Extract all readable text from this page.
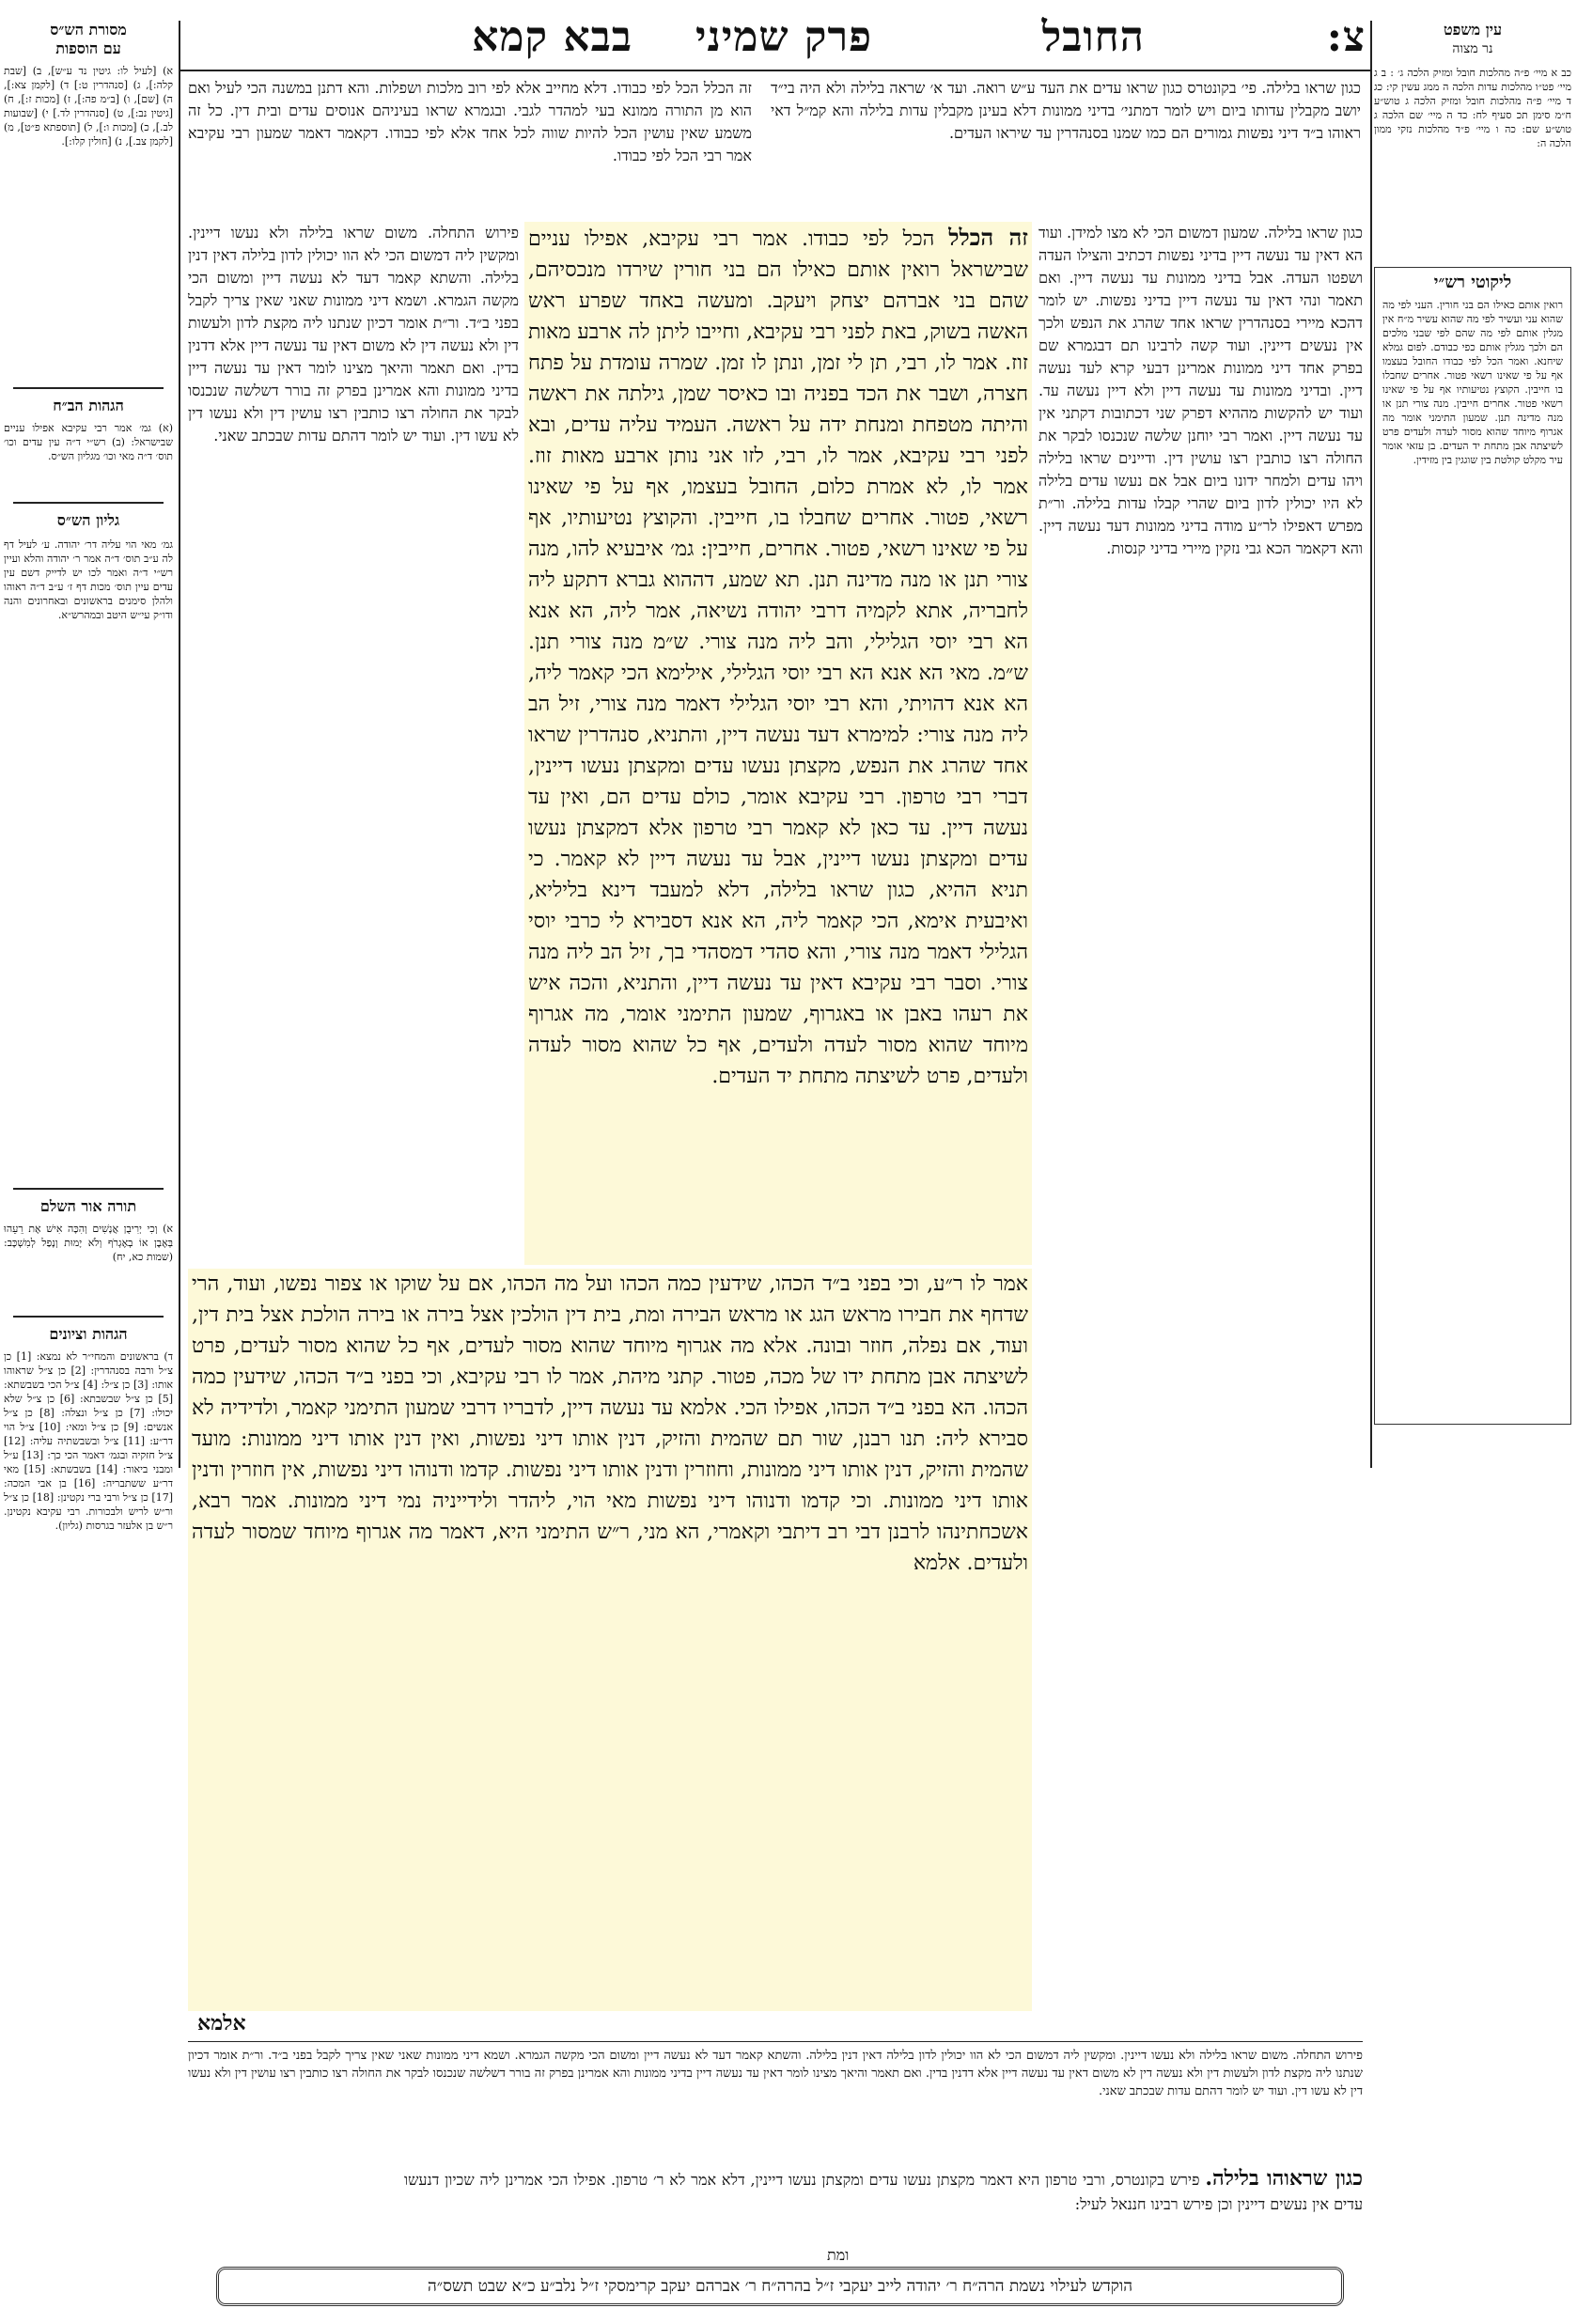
צ:
החובל
פרק שמיני
בבא קמא	עין משפט
נר מצוה
כב א מיי׳ פ״ה מהלכות חובל ומזיק הלכה ג׳ : ב ג מיי׳ פט״ו מהלכות עדות הלכה ה ממג עשין קי: כג ד מיי׳ פ״ה מהלכות חובל ומזיק הלכה ג טוש״ע ח״מ סימן תכ סעיף לח: כד ה מיי׳ שם הלכה ג טוש״ע שם: כה ו מיי׳ פ״ד מהלכות נזקי ממון הלכה ה:
ליקוטי רש״י
רואין אותם כאילו הם בני חורין. העני לפי מה שהוא עני ועשיר לפי מה שהוא עשיר מ״ח אין מגלין אותם לפי מה שהם לפי שבני מלכים הם ולכך מגלין אותם כפי כבודם. לפום גמלא שיחנא. ואמר הכל לפי כבודו החובל בעצמו אף על פי שאינו רשאי פטור. אחרים שחבלו בו חייבין. הקוצץ נטיעותיו אף על פי שאינו רשאי פטור. אחרים חייבין. מנה צורי תנן או מנה מדינה תנן. שמעון התימני אומר מה אגרוף מיוחד שהוא מסור לעדה ולעדים פרט לשיצתה אבן מתחת יד העדים. בן עזאי אומר עיר מקלט קולטת בין שוגגין בין מזידין.
מסורת הש״ס
עם הוספות
א) [לעיל לו: גיטין נד ע״ש], ב) [שבת קלה:], ג) [סנהדרין ט:] ד) [לקמן צא:], ה) [שם], ו) [ב״מ פה:], ז) [מכות ז:], ח) [גיטין נב:], ט) [סנהדרין לד.] י) [שבועות לב.], כ) [מכות ו:], ל) [תוספתא פ״ט], מ) [לקמן צב.], נ) [חולין קלו:].
הגהות הב״ח
(א) גמ׳ אמר רבי עקיבא אפילו עניים שבישראל: (ב) רש״י ד״ה עין עדים וכו׳ תוס׳ ד״ה מאי וכו׳ מגליון הש״ס.
גליון הש״ס
גמ׳ מאי הוי עליה דר׳ יהודה. ע׳ לעיל דף לה ע״ב תוס׳ ד״ה אמר ר׳ יהודה והלא ועיין רש״י ד״ה ואמר לכו יש לדייק דשם עין עדים עיין תוס׳ מכות דף ז׳ ע״ב ד״ה ראוהו ולהלן סימנים בראשונים ובאחרונים והנה ודו״ק עי״ש היטב ובמהרש״א.
תורה אור השלם
א) וְכִי יְרִיבֻן אֲנָשִׁים וְהִכָּה אִישׁ אֶת רֵעֵהוּ בְּאֶבֶן אוֹ בְאֶגְרֹף וְלֹא יָמוּת וְנָפַל לְמִשְׁכָּב: (שמות כא, יח)
הגהות וציונים
ד) בראשונים והמחי״ר לא נמצא: [1] כן צ״ל ורבה בסנהדרין: [2] כן צ״ל שראוהו אותו: [3] כן צ״ל: [4] צ״ל הכי בשבשתא: [5] כן צ״ל שבשבתא: [6] כן צ״ל שלא יכולו: [7] כן צ״ל ונצלה: [8] כן צ״ל אנשים: [9] כן צ״ל ומאי: [10] צ״ל הוי דר״ע: [11] צ״ל ובשבשתיה עליה: [12] צ״ל חזקיה ובגמ׳ דאמר הכי כך: [13] ע״ל ומבני ביאור: [14] בשבשתא: [15] מאי דר״ע ששתבריה: [16] בן אבי המכה: [17] כן צ״ל ורבי ברי נקטינן: [18] כן צ״ל ור״ש לריש ולבכורות. רבי עקיבא נקטינן. ר״ש בן אלעזר בגרסות (גליון).
כגון שראו בלילה. פי׳ בקונטרס כגון שראו עדים את העד ע״ש רואה. ועד א׳ שראה בלילה ולא היה בי״ד יושב מקבלין עדותו ביום ויש לומר דמתני׳ בדיני ממונות דלא בעינן מקבלין עדות בלילה והא קמ״ל דאי ראוהו ב״ד דיני נפשות גמורים הם כמו שמנו בסנהדרין עד שיראו העדים.
זה הכלל הכל לפי כבודו. דלא מחייב אלא לפי רוב מלכות ושפלות. והא דתנן במשנה הכי לעיל ואם הוא מן התורה ממונא בעי למהדר לגבי. ובגמרא שראו בעיניהם אנוסים עדים ובית דין. כל זה משמע שאין עושין הכל להיות שווה לכל אחד אלא לפי כבודו. דקאמר דאמר שמעון רבי עקיבא אמר רבי הכל לפי כבודו.
כגון שראו בלילה. שמעון דמשום הכי לא מצו למידן. ועוד הא דאין עד נעשה דיין בדיני נפשות דכתיב והצילו העדה ושפטו העדה. אבל בדיני ממונות עד נעשה דיין. ואם תאמר ונהי דאין עד נעשה דיין בדיני נפשות. יש לומר דהכא מיירי בסנהדרין שראו אחד שהרג את הנפש ולכך אין נעשים דיינין. ועוד קשה לרבינו תם דבגמרא שם בפרק אחד דיני ממונות אמרינן דבעי קרא לעד נעשה דיין. ובדיני ממונות עד נעשה דיין ולא דיין נעשה עד. ועוד יש להקשות מההיא דפרק שני דכתובות דקתני אין עד נעשה דיין. ואמר רבי יוחנן שלשה שנכנסו לבקר את החולה רצו כותבין רצו עושין דין. ודיינים שראו בלילה ויהו עדים ולמחר ידונו ביום אבל אם נעשו עדים בלילה לא היו יכולין לדון ביום שהרי קבלו עדות בלילה. ור״ת מפרש דאפילו לר״ע מודה בדיני ממונות דעד נעשה דיין. והא דקאמר הכא גבי נזקין מיירי בדיני קנסות.
פירוש התחלה. משום שראו בלילה ולא נעשו דיינין. ומקשין ליה דמשום הכי לא הוו יכולין לדון בלילה דאין דנין בלילה. והשתא קאמר דעד לא נעשה דיין ומשום הכי מקשה הגמרא. ושמא דיני ממונות שאני שאין צריך לקבל בפני ב״ד. ור״ת אומר דכיון שנתנו ליה מקצת לדון ולעשות דין ולא נעשה דין לא משום דאין עד נעשה דיין אלא דדנין בדין. ואם תאמר והיאך מצינו לומר דאין עד נעשה דיין בדיני ממונות והא אמרינן בפרק זה בורר דשלשה שנכנסו לבקר את החולה רצו כותבין רצו עושין דין ולא נעשו דין לא עשו דין. ועוד יש לומר דהתם עדות שבכתב שאני.
זה הכלל הכל לפי כבודו. אמר רבי עקיבא, אפילו עניים שבישראל רואין אותם כאילו הם בני חורין שירדו מנכסיהם, שהם בני אברהם יצחק ויעקב. ומעשה באחד שפרע ראש האשה בשוק, באת לפני רבי עקיבא, וחייבו ליתן לה ארבע מאות זוז. אמר לו, רבי, תן לי זמן, ונתן לו זמן. שמרה עומדת על פתח חצרה, ושבר את הכד בפניה ובו כאיסר שמן, גילתה את ראשה והיתה מטפחת ומנחת ידה על ראשה. העמיד עליה עדים, ובא לפני רבי עקיבא, אמר לו, רבי, לזו אני נותן ארבע מאות זוז. אמר לו, לא אמרת כלום, החובל בעצמו, אף על פי שאינו רשאי, פטור. אחרים שחבלו בו, חייבין. והקוצץ נטיעותיו, אף על פי שאינו רשאי, פטור. אחרים, חייבין: גמ׳ איבעיא להו, מנה צורי תנן או מנה מדינה תנן. תא שמע, דההוא גברא דתקע ליה לחבריה, אתא לקמיה דרבי יהודה נשיאה, אמר ליה, הא אנא הא רבי יוסי הגלילי, והב ליה מנה צורי. ש״מ מנה צורי תנן. ש״מ. מאי הא אנא הא רבי יוסי הגלילי, אילימא הכי קאמר ליה, הא אנא דהויתי, והא רבי יוסי הגלילי דאמר מנה צורי, זיל הב ליה מנה צורי: למימרא דעד נעשה דיין, והתניא, סנהדרין שראו אחד שהרג את הנפש, מקצתן נעשו עדים ומקצתן נעשו דיינין, דברי רבי טרפון. רבי עקיבא אומר, כולם עדים הם, ואין עד נעשה דיין. עד כאן לא קאמר רבי טרפון אלא דמקצתן נעשו עדים ומקצתן נעשו דיינין, אבל עד נעשה דיין לא קאמר. כי תניא ההיא, כגון שראו בלילה, דלא למעבד דינא בליליא, ואיבעית אימא, הכי קאמר ליה, הא אנא דסבירא לי כרבי יוסי הגלילי דאמר מנה צורי, והא סהדי דמסהדי בך, זיל הב ליה מנה צורי. וסבר רבי עקיבא דאין עד נעשה דיין, והתניא, והכה איש את רעהו באבן או באגרוף, שמעון התימני אומר, מה אגרוף מיוחד שהוא מסור לעדה ולעדים, אף כל שהוא מסור לעדה ולעדים, פרט לשיצתה מתחת יד העדים.
אמר לו ר״ע, וכי בפני ב״ד הכהו, שידעין כמה הכהו ועל מה הכהו, אם על שוקו או צפור נפשו, ועוד, הרי שדחף את חבירו מראש הגג או מראש הבירה ומת, בית דין הולכין אצל בירה או בירה הולכת אצל בית דין, ועוד, אם נפלה, חוזר ובונה. אלא מה אגרוף מיוחד שהוא מסור לעדים, אף כל שהוא מסור לעדים, פרט לשיצתה אבן מתחת ידו של מכה, פטור. קתני מיהת, אמר לו רבי עקיבא, וכי בפני ב״ד הכהו, שידעין כמה הכהו. הא בפני ב״ד הכהו, אפילו הכי. אלמא עד נעשה דיין, לדבריו דרבי שמעון התימני קאמר, ולדידיה לא סבירא ליה: תנו רבנן, שור תם שהמית והזיק, דנין אותו דיני נפשות, ואין דנין אותו דיני ממונות: מועד שהמית והזיק, דנין אותו דיני ממונות, וחוזרין ודנין אותו דיני נפשות. קדמו ודנוהו דיני נפשות, אין חוזרין ודנין אותו דיני ממונות. וכי קדמו ודנוהו דיני נפשות מאי הוי, ליהדר ולידייניה נמי דיני ממונות. אמר רבא, אשכחתינהו לרבנן דבי רב דיתבי וקאמרי, הא מני, ר״ש התימני היא, דאמר מה אגרוף מיוחד שמסור לעדה ולעדים. אלמא
אלמא
פירוש התחלה. משום שראו בלילה ולא נעשו דיינין. ומקשין ליה דמשום הכי לא הוו יכולין לדון בלילה דאין דנין בלילה. והשתא קאמר דעד לא נעשה דיין ומשום הכי מקשה הגמרא. ושמא דיני ממונות שאני שאין צריך לקבל בפני ב״ד. ור״ת אומר דכיון שנתנו ליה מקצת לדון ולעשות דין ולא נעשה דין לא משום דאין עד נעשה דיין אלא דדנין בדין. ואם תאמר והיאך מצינו לומר דאין עד נעשה דיין בדיני ממונות והא אמרינן בפרק זה בורר דשלשה שנכנסו לבקר את החולה רצו כותבין רצו עושין דין ולא נעשו דין לא עשו דין. ועוד יש לומר דהתם עדות שבכתב שאני.
כגון שראוהו בלילה. פירש בקונטרס, ורבי טרפון היא דאמר מקצתן נעשו עדים ומקצתן נעשו דיינין, דלא אמר לא ר׳ טרפון. אפילו הכי אמרינן ליה שכיון דנעשו עדים אין נעשים דיינין וכן פירש רבינו חננאל לעיל:
ומת
הוקדש לעילוי נשמת הרה״ח ר׳ יהודה לייב יעקבי ז״ל בהרה״ח ר׳ אברהם יעקב קרימסקי ז״ל נלב״ע כ״א שבט תשס״ה
